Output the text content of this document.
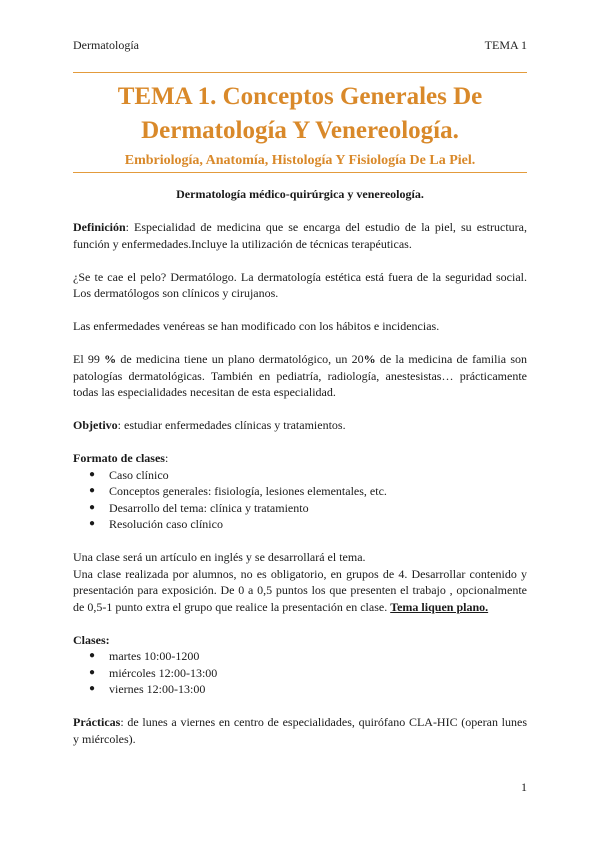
Dermatología	TEMA 1
TEMA 1. Conceptos Generales De
Dermatología Y Venereología.
Embriología, Anatomía, Histología Y Fisiología De La Piel.

Dermatología médico-quirúrgica y venereología.

Definición: Especialidad de medicina que se encarga del estudio de la piel, su estructura, función y enfermedades.Incluye la utilización de técnicas terapéuticas.

¿Se te cae el pelo? Dermatólogo. La dermatología estética está fuera de la seguridad social. Los dermatólogos son clínicos y cirujanos.

Las enfermedades venéreas se han modificado con los hábitos e incidencias.

El 99 % de medicina tiene un plano dermatológico, un 20% de la medicina de familia son patologías dermatológicas. También en pediatría, radiología, anestesistas… prácticamente todas las especialidades necesitan de esta especialidad.

Objetivo: estudiar enfermedades clínicas y tratamientos.

Formato de clases:

● Caso clínico
● Conceptos generales: fisiología, lesiones elementales, etc.
● Desarrollo del tema: clínica y tratamiento
● Resolución caso clínico

Una clase será un artículo en inglés y se desarrollará el tema.

Una clase realizada por alumnos, no es obligatorio, en grupos de 4. Desarrollar contenido y presentación para exposición. De 0 a 0,5 puntos los que presenten el trabajo , opcionalmente de 0,5-1 punto extra el grupo que realice la presentación en clase. Tema liquen plano.

Clases:

● martes 10:00-1200
● miércoles 12:00-13:00
● viernes 12:00-13:00

Prácticas: de lunes a viernes en centro de especialidades, quirófano CLA-HIC (operan lunes y miércoles).

1
